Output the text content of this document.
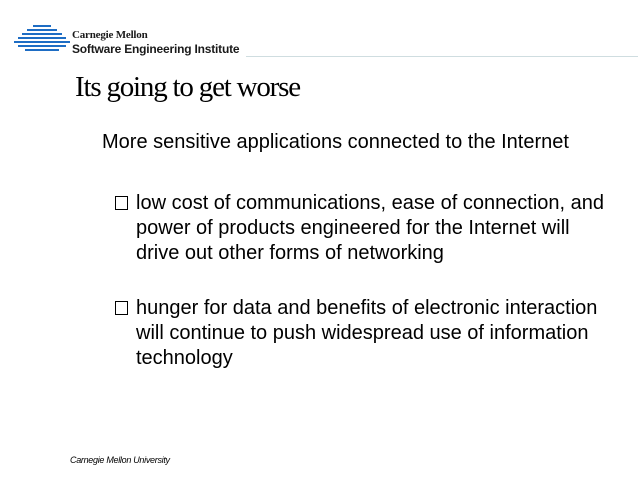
Carnegie Mellon
Software Engineering Institute
Its going to get worse
More sensitive applications connected to the Internet
low cost of communications, ease of connection, and power of products engineered for the Internet will drive out other forms of networking
hunger for data and benefits of electronic interaction will continue to push widespread use of information technology
Carnegie Mellon University
